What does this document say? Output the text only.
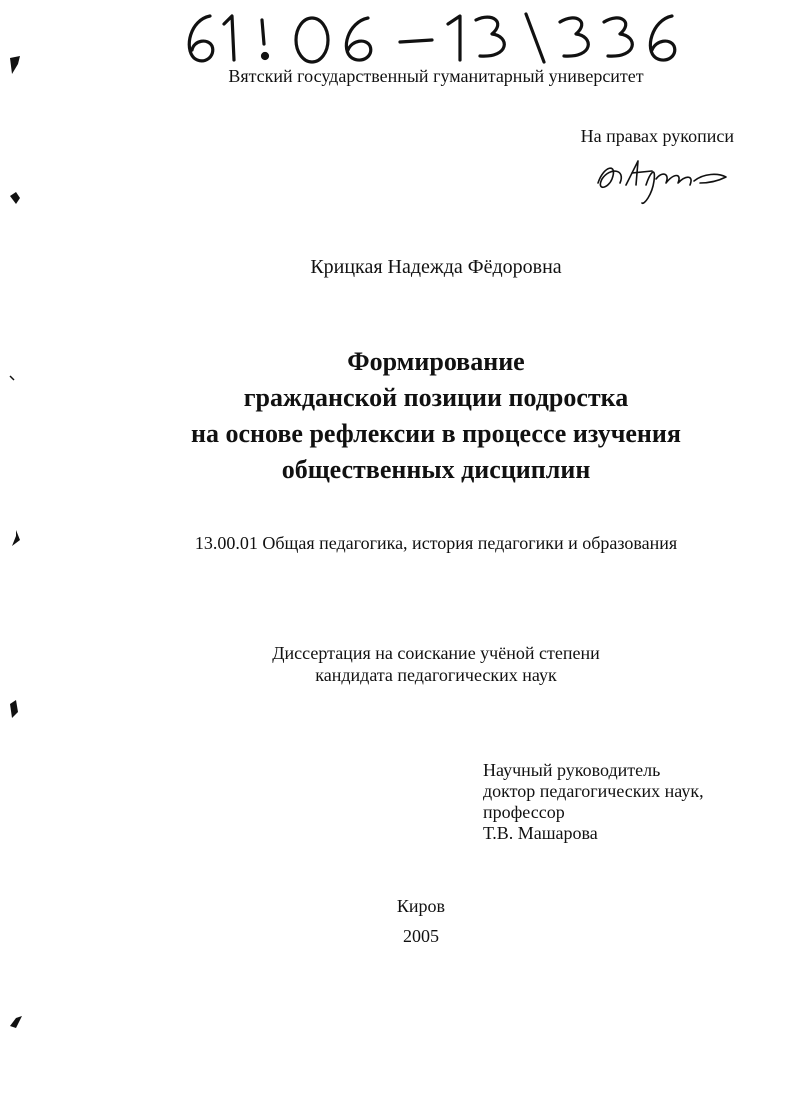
Вятский государственный гуманитарный университет
На правах рукописи
Крицкая Надежда Фёдоровна
Формирование
гражданской позиции подростка
на основе рефлексии в процессе изучения
общественных дисциплин
13.00.01 Общая педагогика, история педагогики и образования
Диссертация на соискание учёной степени
кандидата педагогических наук
Научный руководитель
доктор педагогических наук,
профессор
Т.В. Машарова
Киров
2005
